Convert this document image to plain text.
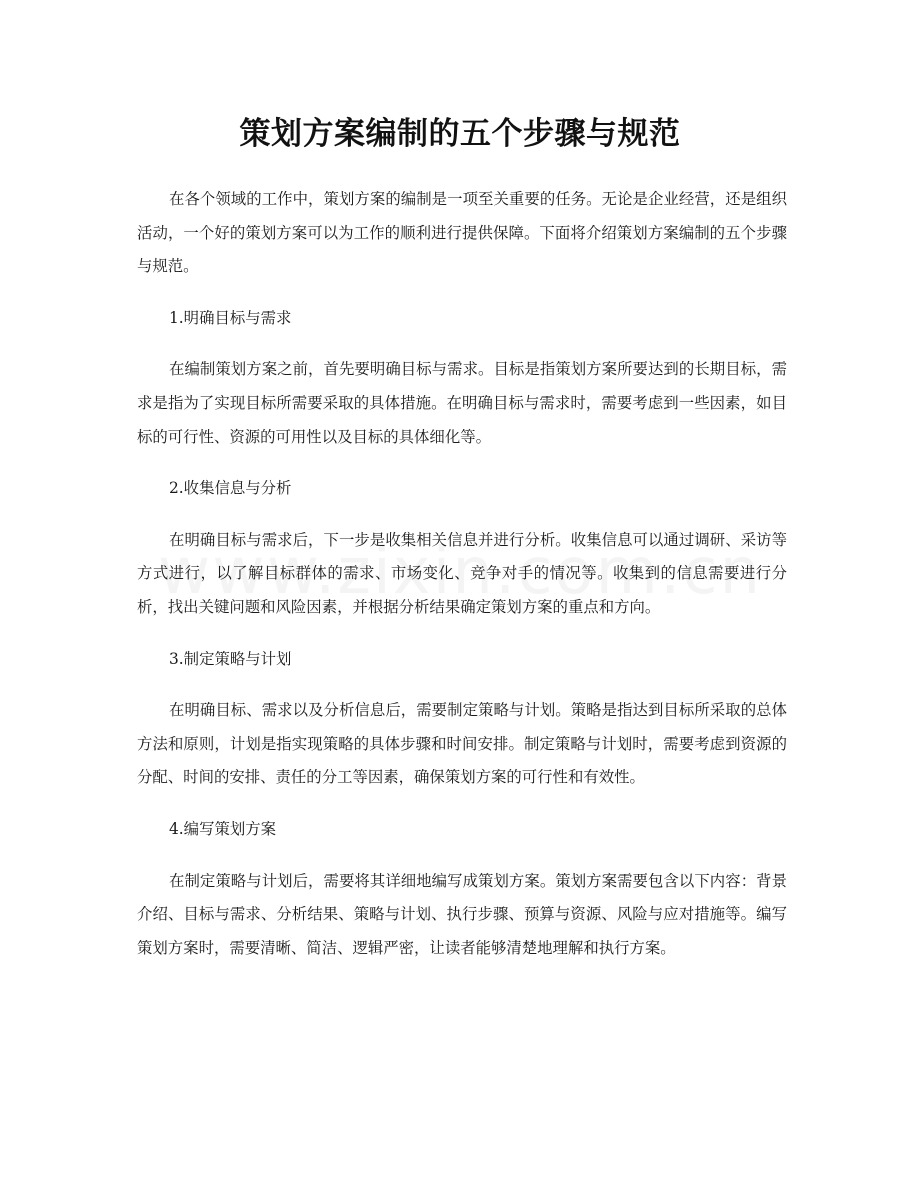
策划方案编制的五个步骤与规范

在各个领域的工作中，策划方案的编制是一项至关重要的任务。无论是企业经营，还是组织活动，一个好的策划方案可以为工作的顺利进行提供保障。下面将介绍策划方案编制的五个步骤与规范。

1.明确目标与需求

在编制策划方案之前，首先要明确目标与需求。目标是指策划方案所要达到的长期目标，需求是指为了实现目标所需要采取的具体措施。在明确目标与需求时，需要考虑到一些因素，如目标的可行性、资源的可用性以及目标的具体细化等。

2.收集信息与分析

在明确目标与需求后，下一步是收集相关信息并进行分析。收集信息可以通过调研、采访等方式进行，以了解目标群体的需求、市场变化、竞争对手的情况等。收集到的信息需要进行分析，找出关键问题和风险因素，并根据分析结果确定策划方案的重点和方向。

3.制定策略与计划

在明确目标、需求以及分析信息后，需要制定策略与计划。策略是指达到目标所采取的总体方法和原则，计划是指实现策略的具体步骤和时间安排。制定策略与计划时，需要考虑到资源的分配、时间的安排、责任的分工等因素，确保策划方案的可行性和有效性。

4.编写策划方案

在制定策略与计划后，需要将其详细地编写成策划方案。策划方案需要包含以下内容：背景介绍、目标与需求、分析结果、策略与计划、执行步骤、预算与资源、风险与应对措施等。编写策划方案时，需要清晰、简洁、逻辑严密，让读者能够清楚地理解和执行方案。
